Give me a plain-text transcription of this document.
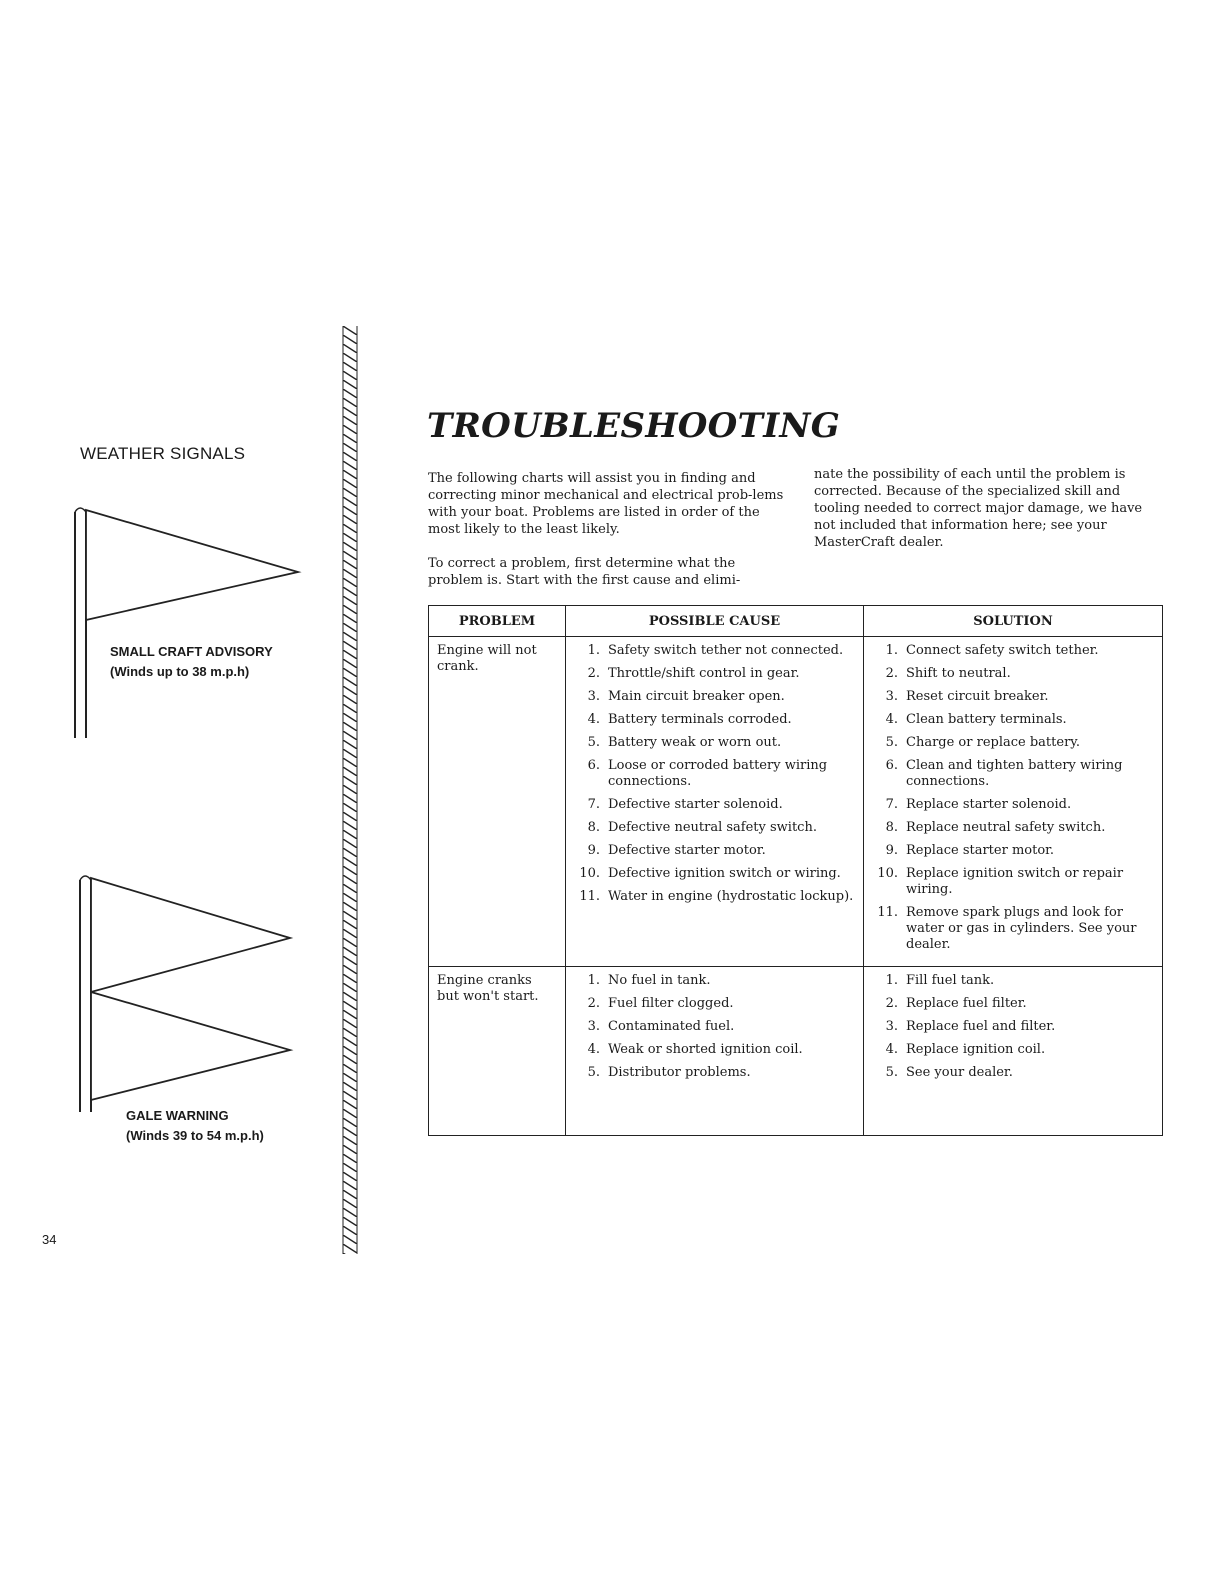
WEATHER SIGNALS
SMALL CRAFT ADVISORY
(Winds up to 38 m.p.h)
GALE WARNING
(Winds 39 to 54 m.p.h)
34
TROUBLESHOOTING

The following charts will assist you in finding and correcting minor mechanical and electrical prob-lems with your boat. Problems are listed in order of the most likely to the least likely.

To correct a problem, first determine what the problem is. Start with the first cause and elimi-

nate the possibility of each until the problem is corrected. Because of the specialized skill and tooling needed to correct major damage, we have not included that information here; see your MasterCraft dealer.

PROBLEM	POSSIBLE CAUSE	SOLUTION
Engine will not crank.
1. Safety switch tether not connected.
2. Throttle/shift control in gear.
3. Main circuit breaker open.
4. Battery terminals corroded.
5. Battery weak or worn out.
6. Loose or corroded battery wiring connections.
7. Defective starter solenoid.
8. Defective neutral safety switch.
9. Defective starter motor.
10. Defective ignition switch or wiring.
11. Water in engine (hydrostatic lockup).
1. Connect safety switch tether.
2. Shift to neutral.
3. Reset circuit breaker.
4. Clean battery terminals.
5. Charge or replace battery.
6. Clean and tighten battery wiring connections.
7. Replace starter solenoid.
8. Replace neutral safety switch.
9. Replace starter motor.
10. Replace ignition switch or repair wiring.
11. Remove spark plugs and look for water or gas in cylinders. See your dealer.
Engine cranks but won't start.
1. No fuel in tank.
2. Fuel filter clogged.
3. Contaminated fuel.
4. Weak or shorted ignition coil.
5. Distributor problems.
1. Fill fuel tank.
2. Replace fuel filter.
3. Replace fuel and filter.
4. Replace ignition coil.
5. See your dealer.
